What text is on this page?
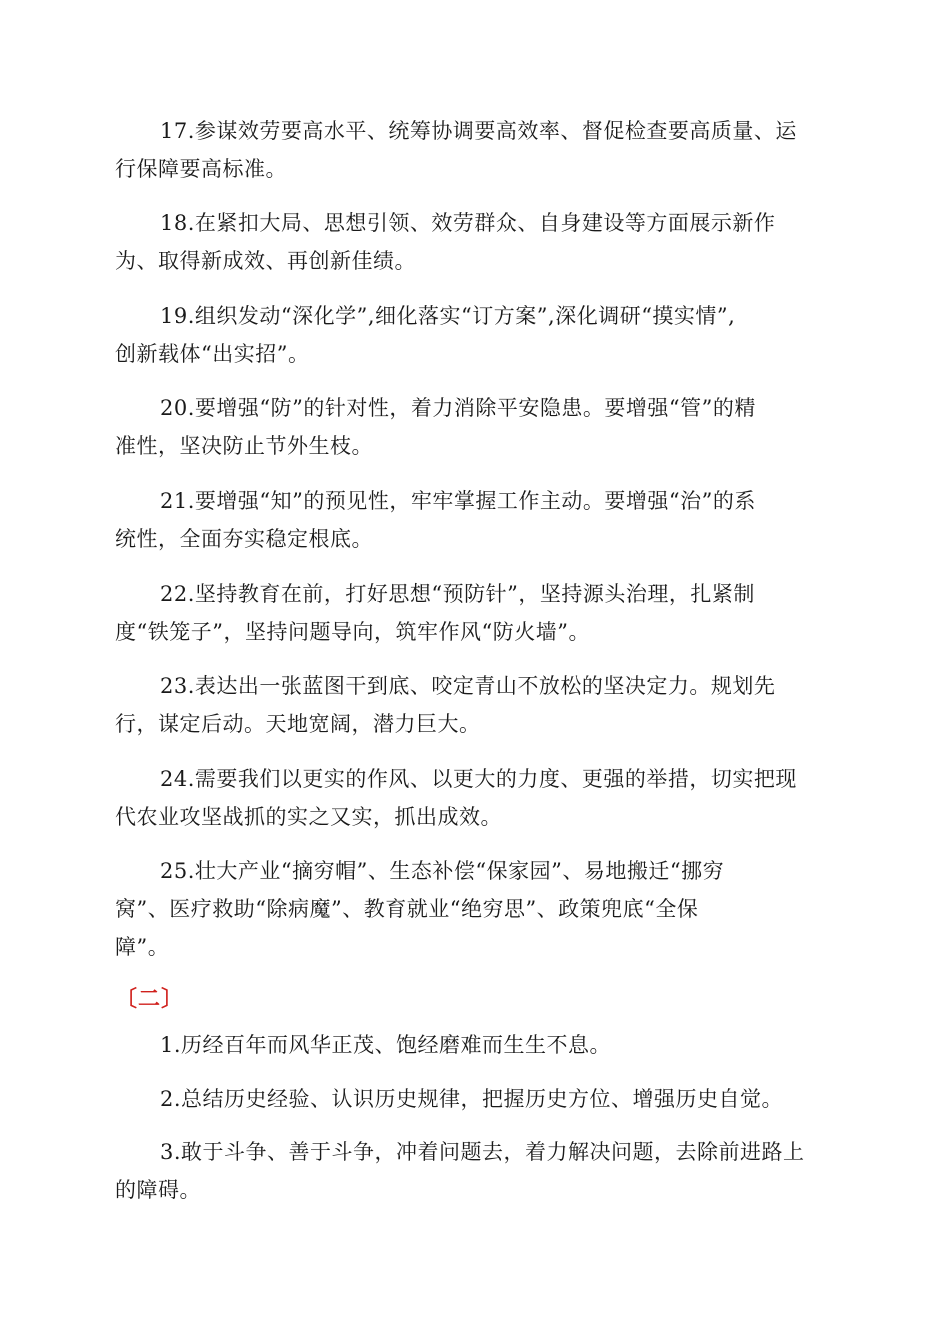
17.参谋效劳要高水平、统筹协调要高效率、督促检查要高质量、运
行保障要高标准。
18.在紧扣大局、思想引领、效劳群众、自身建设等方面展示新作
为、取得新成效、再创新佳绩。
19.组织发动“深化学”,细化落实“订方案”,深化调研“摸实情”,
创新载体“出实招”。
20.要增强“防”的针对性，着力消除平安隐患。要增强“管”的精
准性，坚决防止节外生枝。
21.要增强“知”的预见性，牢牢掌握工作主动。要增强“治”的系
统性，全面夯实稳定根底。
22.坚持教育在前，打好思想“预防针”，坚持源头治理，扎紧制
度“铁笼子”，坚持问题导向，筑牢作风“防火墙”。
23.表达出一张蓝图干到底、咬定青山不放松的坚决定力。规划先
行，谋定后动。天地宽阔，潜力巨大。
24.需要我们以更实的作风、以更大的力度、更强的举措，切实把现
代农业攻坚战抓的实之又实，抓出成效。
25.壮大产业“摘穷帽”、生态补偿“保家园”、易地搬迁“挪穷
窝”、医疗救助“除病魔”、教育就业“绝穷思”、政策兜底“全保
障”。
〔二〕
1.历经百年而风华正茂、饱经磨难而生生不息。
2.总结历史经验、认识历史规律，把握历史方位、增强历史自觉。
3.敢于斗争、善于斗争，冲着问题去，着力解决问题，去除前进路上
的障碍。
